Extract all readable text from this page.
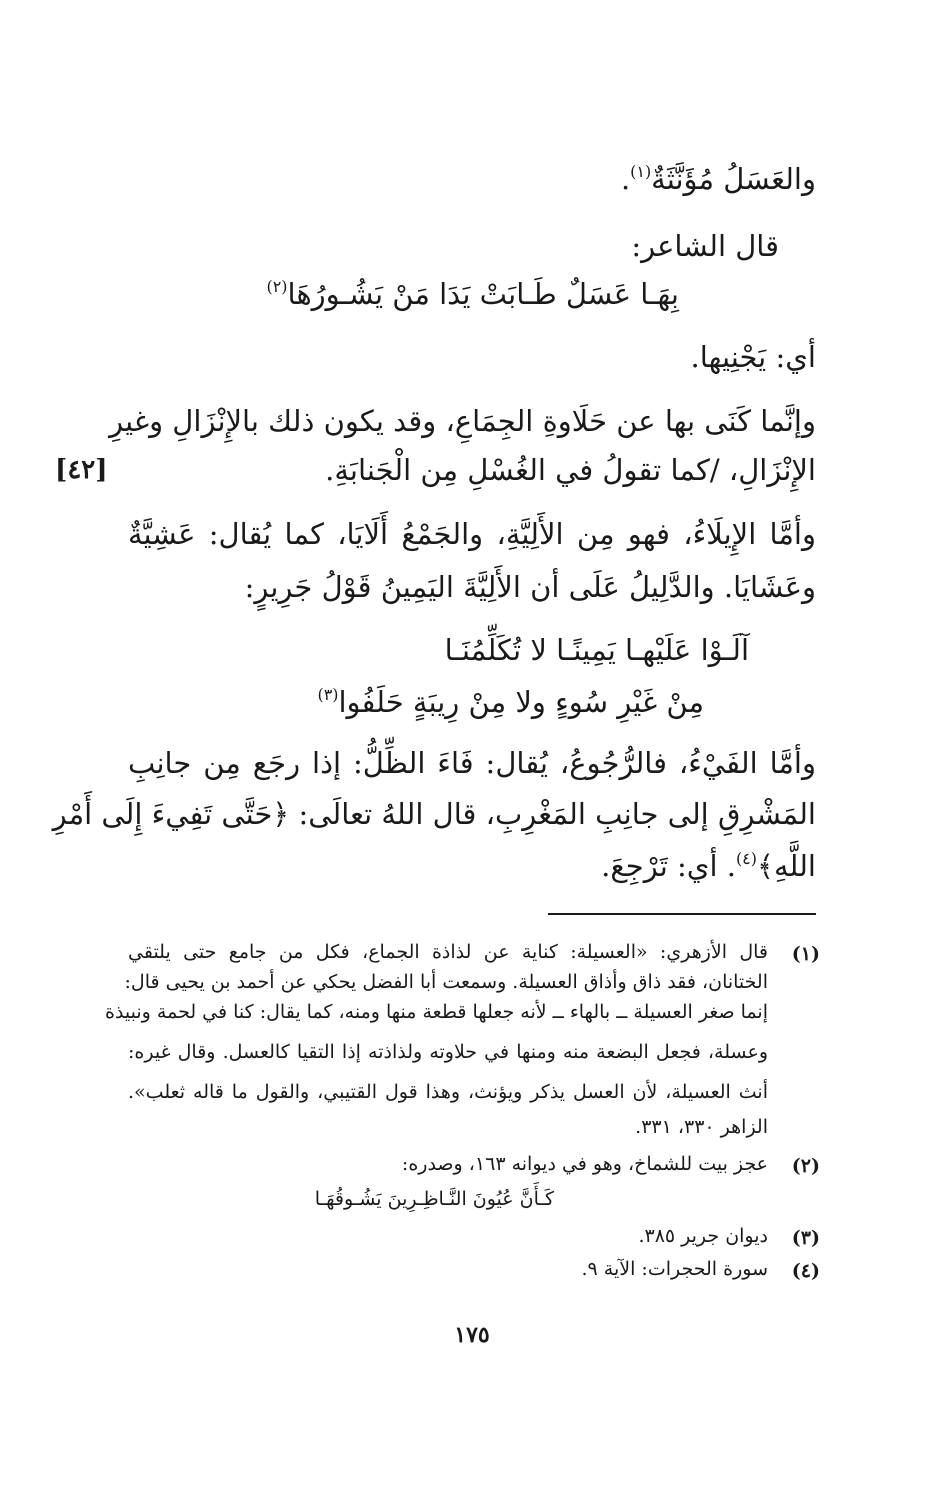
والعَسَلُ مُؤَنَّثَةٌ$^{(١)}$.

قال الشاعر:

بِهَـا عَسَلٌ طَـابَتْ يَدَا مَنْ يَشُـورُهَا$^{(٢)}$

أي: يَجْنِيها.

وإنَّما كَنَى بها عن حَلَاوةِ الجِمَاعِ، وقد يكون ذلك بالإِنْزَالِ وغيرِ

الإِنْزَالِ، /كما تقولُ في الغُسْلِ مِن الْجَنابَةِ.

[٤٢]

وأمَّا الإِيلَاءُ، فهو مِن الأَلِيَّةِ، والجَمْعُ أَلَايَا، كما يُقال: عَشِيَّةٌ

وعَشَايَا. والدَّلِيلُ عَلَى أن الأَلِيَّةَ اليَمِينُ قَوْلُ جَرِيرٍ:

آلَـوْا عَلَيْهـا يَمِينًـا لا تُكَلِّمُنَـا

مِنْ غَيْرِ سُوءٍ ولا مِنْ رِيبَةٍ حَلَفُوا$^{(٣)}$

وأمَّا الفَيْءُ، فالرُّجُوعُ، يُقال: فَاءَ الظِّلُّ: إذا رجَع مِن جانِبِ

المَشْرِقِ إلى جانِبِ المَغْرِبِ، قال اللهُ تعالَى: ﴿حَتَّى تَفِيءَ إِلَى أَمْرِ

اللَّهِ﴾$^{(٤)}$. أي: تَرْجِعَ.

(١)

قال الأزهري: «العسيلة: كناية عن لذاذة الجماع، فكل من جامع حتى يلتقي

الختانان، فقد ذاق وأذاق العسيلة. وسمعت أبا الفضل يحكي عن أحمد بن يحيى قال:

إنما صغر العسيلة ــ بالهاء ــ لأنه جعلها قطعة منها ومنه، كما يقال: كنا في لحمة ونبيذة

وعسلة، فجعل البضعة منه ومنها في حلاوته ولذاذته إذا التقيا كالعسل. وقال غيره:

أنث العسيلة، لأن العسل يذكر ويؤنث، وهذا قول القتيبي، والقول ما قاله ثعلب».

الزاهر ٣٣٠، ٣٣١.

(٢)

عجز بيت للشماخ، وهو في ديوانه ١٦٣، وصدره:

كَـأَنَّ عُيُونَ النَّـاظِـرِينَ يَشُـوقُهَـا

(٣)

ديوان جرير ٣٨٥.

(٤)

سورة الحجرات: الآية ٩.

١٧٥
